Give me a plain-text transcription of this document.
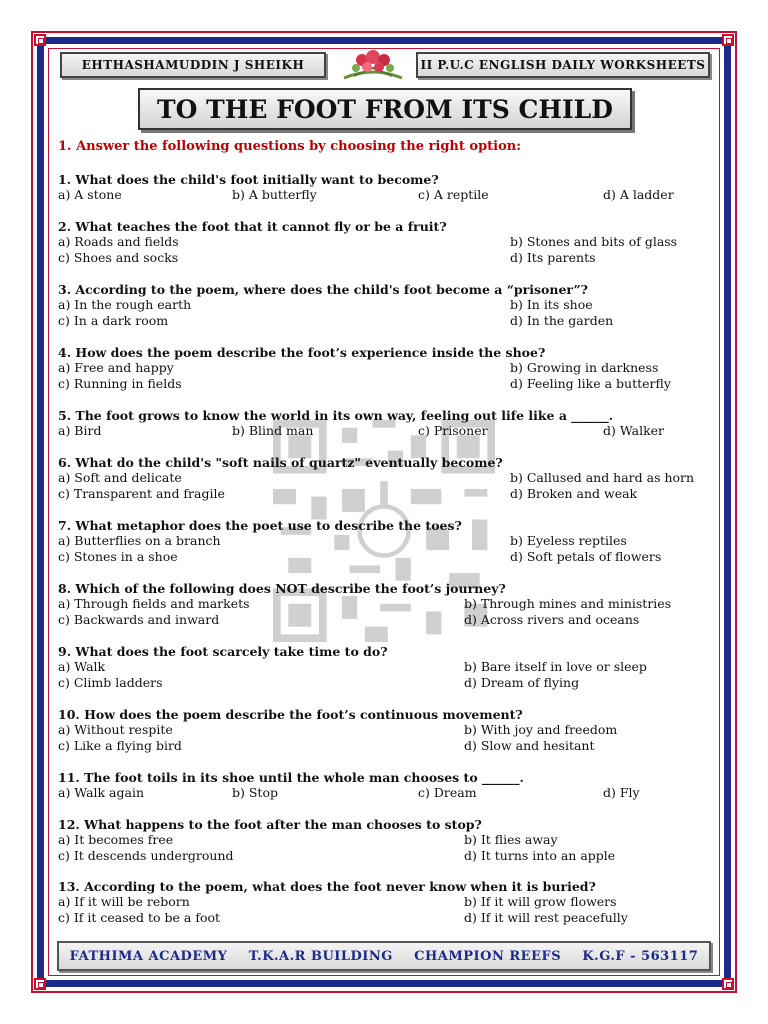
EHTHASHAMUDDIN J SHEIKH	II P.U.C ENGLISH DAILY WORKSHEETS
TO THE FOOT FROM ITS CHILD
1. Answer the following questions by choosing the right option:
1. What does the child's foot initially want to become?
a) A stone	b) A butterfly	c) A reptile	d) A ladder
2. What teaches the foot that it cannot fly or be a fruit?
a) Roads and fields	b) Stones and bits of glass
c) Shoes and socks	d) Its parents
3. According to the poem, where does the child's foot become a “prisoner”?
a) In the rough earth	b) In its shoe
c) In a dark room	d) In the garden
4. How does the poem describe the foot’s experience inside the shoe?
a) Free and happy	b) Growing in darkness
c) Running in fields	d) Feeling like a butterfly
5. The foot grows to know the world in its own way, feeling out life like a ______.
a) Bird	b) Blind man	c) Prisoner	d) Walker
6. What do the child's "soft nails of quartz" eventually become?
a) Soft and delicate	b) Callused and hard as horn
c) Transparent and fragile	d) Broken and weak
7. What metaphor does the poet use to describe the toes?
a) Butterflies on a branch	b) Eyeless reptiles
c) Stones in a shoe	d) Soft petals of flowers
8. Which of the following does NOT describe the foot’s journey?
a) Through fields and markets	b) Through mines and ministries
c) Backwards and inward	d) Across rivers and oceans
9. What does the foot scarcely take time to do?
a) Walk	b) Bare itself in love or sleep
c) Climb ladders	d) Dream of flying
10. How does the poem describe the foot’s continuous movement?
a) Without respite	b) With joy and freedom
c) Like a flying bird	d) Slow and hesitant
11. The foot toils in its shoe until the whole man chooses to ______.
a) Walk again	b) Stop	c) Dream	d) Fly
12. What happens to the foot after the man chooses to stop?
a) It becomes free	b) It flies away
c) It descends underground	d) It turns into an apple
13. According to the poem, what does the foot never know when it is buried?
a) If it will be reborn	b) If it will grow flowers
c) If it ceased to be a foot	d) If it will rest peacefully
FATHIMA ACADEMY T.K.A.R BUILDING CHAMPION REEFS K.G.F - 563117
